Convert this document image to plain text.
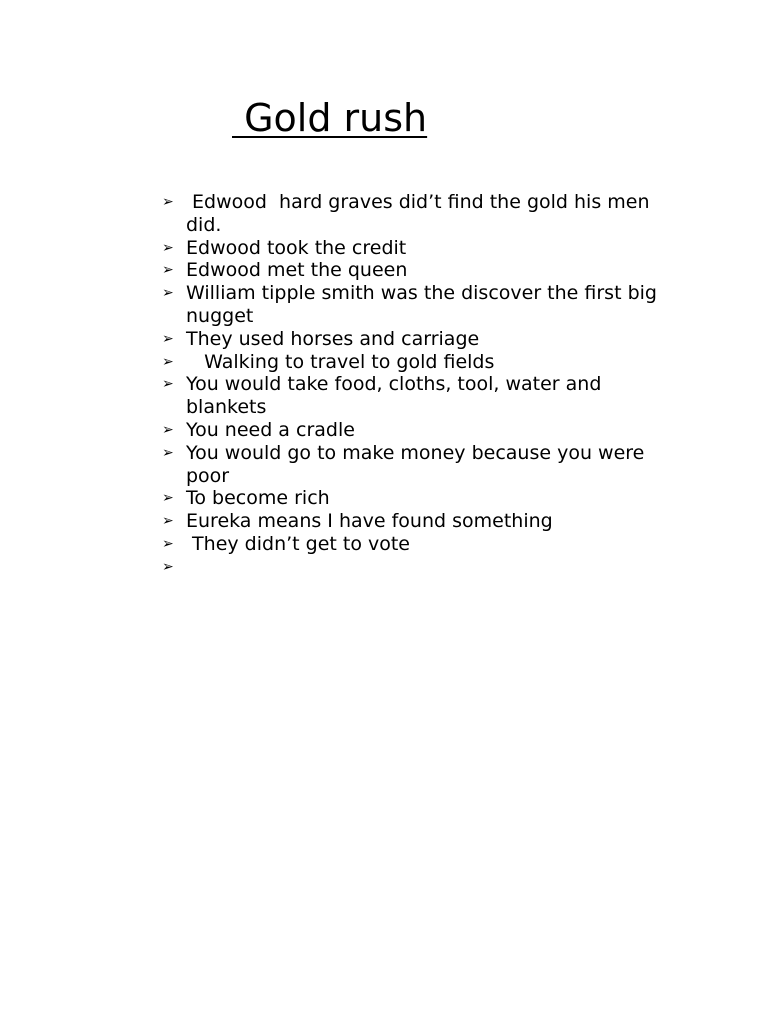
Gold rush
➢ Edwood  hard graves did’t find the gold his men did.
➢ Edwood took the credit
➢ Edwood met the queen
➢ William tipple smith was the discover the first big nugget
➢ They used horses and carriage
➢ Walking to travel to gold fields
➢ You would take food, cloths, tool, water and blankets
➢ You need a cradle
➢ You would go to make money because you were poor
➢ To become rich
➢ Eureka means I have found something
➢ They didn’t get to vote
➢
